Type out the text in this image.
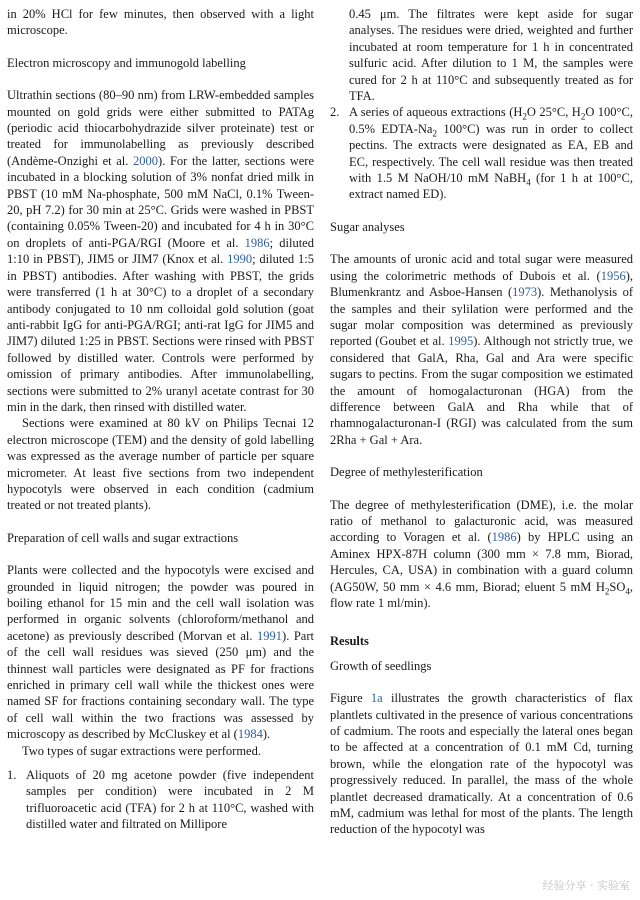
in 20% HCl for few minutes, then observed with a light microscope.

Electron microscopy and immunogold labelling

Ultrathin sections (80–90 nm) from LRW-embedded samples mounted on gold grids were either submitted to PATAg (periodic acid thiocarbohydrazide silver proteinate) test or treated for immunolabelling as previously described (Andème-Onzighi et al. 2000). For the latter, sections were incubated in a blocking solution of 3% nonfat dried milk in PBST (10 mM Na-phosphate, 500 mM NaCl, 0.1% Tween-20, pH 7.2) for 30 min at 25°C. Grids were washed in PBST (containing 0.05% Tween-20) and incubated for 4 h in 30°C on droplets of anti-PGA/RGI (Moore et al. 1986; diluted 1:10 in PBST), JIM5 or JIM7 (Knox et al. 1990; diluted 1:5 in PBST) antibodies. After washing with PBST, the grids were transferred (1 h at 30°C) to a droplet of a secondary antibody conjugated to 10 nm colloidal gold solution (goat anti-rabbit IgG for anti-PGA/RGI; anti-rat IgG for JIM5 and JIM7) diluted 1:25 in PBST. Sections were rinsed with PBST followed by distilled water. Controls were performed by omission of primary antibodies. After immunolabelling, sections were submitted to 2% uranyl acetate contrast for 30 min in the dark, then rinsed with distilled water.

Sections were examined at 80 kV on Philips Tecnai 12 electron microscope (TEM) and the density of gold labelling was expressed as the average number of particle per square micrometer. At least five sections from two independent hypocotyls were observed in each condition (cadmium treated or not treated plants).

Preparation of cell walls and sugar extractions

Plants were collected and the hypocotyls were excised and grounded in liquid nitrogen; the powder was poured in boiling ethanol for 15 min and the cell wall isolation was performed in organic solvents (chloroform/methanol and acetone) as previously described (Morvan et al. 1991). Part of the cell wall residues was sieved (250 μm) and the thinnest wall particles were designated as PF for fractions enriched in primary cell wall while the thickest ones were named SF for fractions containing secondary wall. The type of cell wall within the two fractions was assessed by microscopy as described by McCluskey et al (1984).

Two types of sugar extractions were performed.

1. Aliquots of 20 mg acetone powder (five independent samples per condition) were incubated in 2 M trifluoroacetic acid (TFA) for 2 h at 110°C, washed with distilled water and filtrated on Millipore
0.45 μm. The filtrates were kept aside for sugar analyses. The residues were dried, weighted and further incubated at room temperature for 1 h in concentrated sulfuric acid. After dilution to 1 M, the samples were cured for 2 h at 110°C and subsequently treated as for TFA.
2. A series of aqueous extractions ($H_2O$ 25°C, $H_2O$ 100°C, 0.5% EDTA-$Na_2$ 100°C) was run in order to collect pectins. The extracts were designated as EA, EB and EC, respectively. The cell wall residue was then treated with 1.5 M NaOH/10 mM NaBH$_4$ (for 1 h at 100°C, extract named ED).
Sugar analyses

The amounts of uronic acid and total sugar were measured using the colorimetric methods of Dubois et al. (1956), Blumenkrantz and Asboe-Hansen (1973). Methanolysis of the samples and their sylilation were performed and the sugar molar composition was determined as previously reported (Goubet et al. 1995). Although not strictly true, we considered that GalA, Rha, Gal and Ara were specific sugars to pectins. From the sugar composition we estimated the amount of homogalacturonan (HGA) from the difference between GalA and Rha while that of rhamnogalacturonan-I (RGI) was calculated from the sum 2Rha + Gal + Ara.

Degree of methylesterification

The degree of methylesterification (DME), i.e. the molar ratio of methanol to galacturonic acid, was measured according to Voragen et al. (1986) by HPLC using an Aminex HPX-87H column (300 mm × 7.8 mm, Biorad, Hercules, CA, USA) in combination with a guard column (AG50W, 50 mm × 4.6 mm, Biorad; eluent 5 mM $H_2SO_4$, flow rate 1 ml/min).

Results
Growth of seedlings

Figure 1a illustrates the growth characteristics of flax plantlets cultivated in the presence of various concentrations of cadmium. The roots and especially the lateral ones began to be affected at a concentration of 0.1 mM Cd, turning brown, while the elongation rate of the hypocotyl was progressively reduced. In parallel, the mass of the whole plantlet decreased dramatically. At a concentration of 0.6 mM, cadmium was lethal for most of the plants. The length reduction of the hypocotyl was

经验分享 · 实验室
